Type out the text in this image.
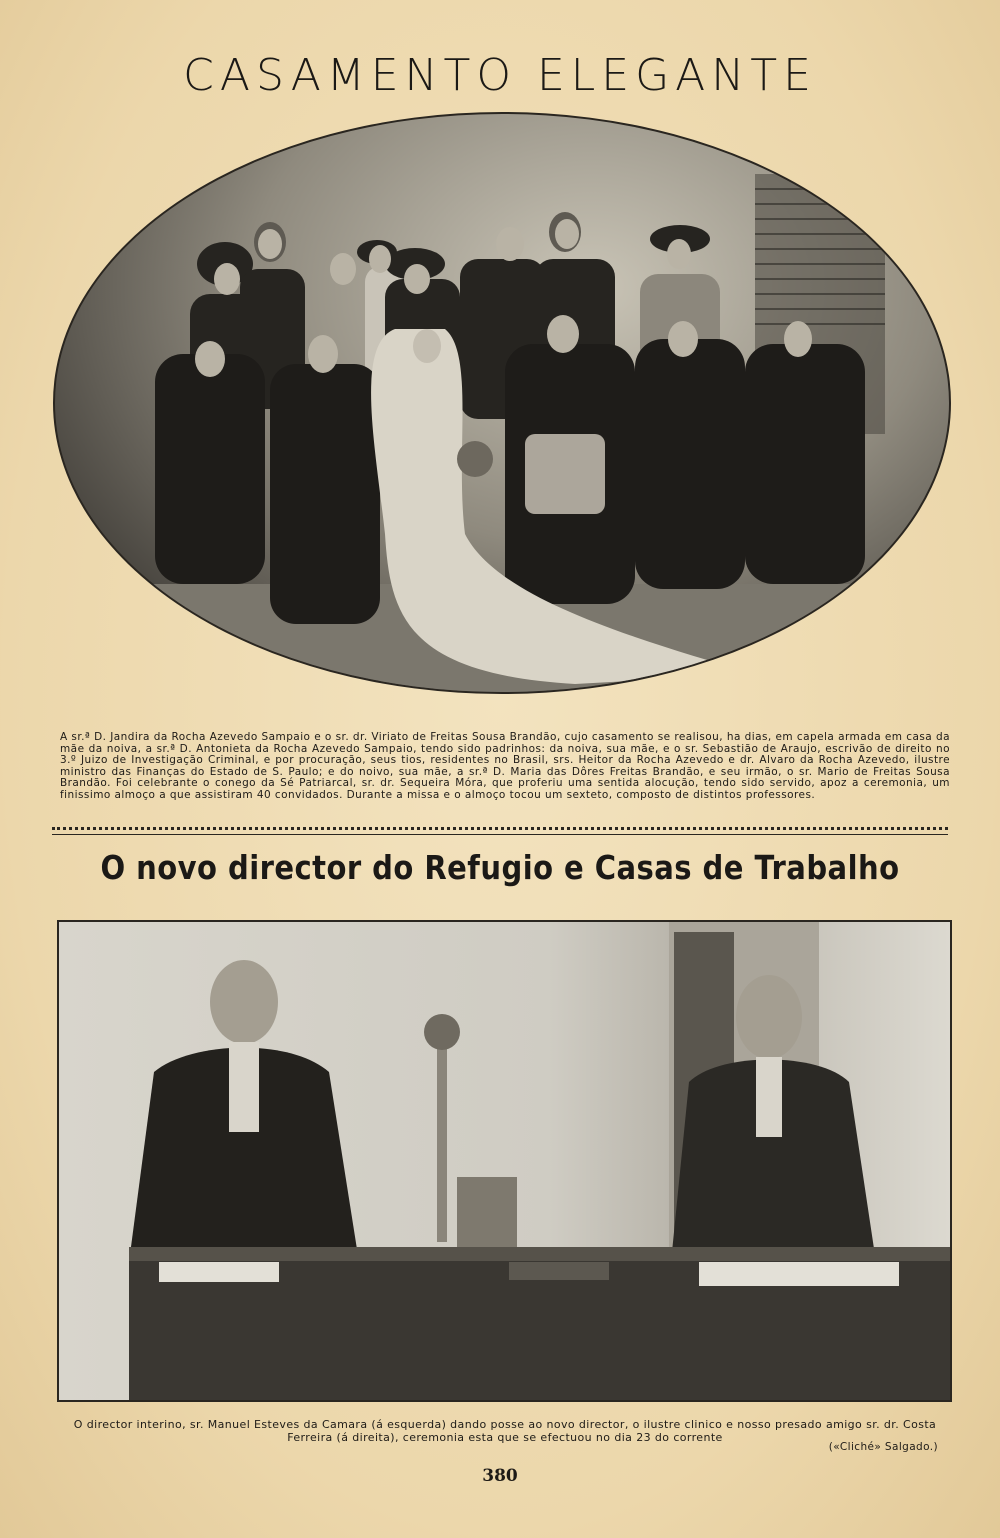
CASAMENTO ELEGANTE
A sr.ª D. Jandira da Rocha Azevedo Sampaio e o sr. dr. Viriato de Freitas Sousa Brandão, cujo casamento se realisou, ha dias, em capela armada em casa da mãe da noiva, a sr.ª D. Antonieta da Rocha Azevedo Sampaio, tendo sido padrinhos: da noiva, sua mãe, e o sr. Sebastião de Araujo, escrivão de direito no 3.º Juizo de Investigação Criminal, e por procuração, seus tios, residentes no Brasil, srs. Heitor da Rocha Azevedo e dr. Alvaro da Rocha Azevedo, ilustre ministro das Finanças do Estado de S. Paulo; e do noivo, sua mãe, a sr.ª D. Maria das Dôres Freitas Brandão, e seu irmão, o sr. Mario de Freitas Sousa Brandão. Foi celebrante o conego da Sé Patriarcal, sr. dr. Sequeira Móra, que proferiu uma sentida alocução, tendo sido servido, apoz a ceremonia, um finissimo almoço a que assistiram 40 convidados. Durante a missa e o almoço tocou um sexteto, composto de distintos professores.
O novo director do Refugio e Casas de Trabalho
O director interino, sr. Manuel Esteves da Camara (á esquerda) dando posse ao novo director, o ilustre clinico e nosso presado amigo sr. dr. Costa Ferreira (á direita), ceremonia esta que se efectuou no dia 23 do corrente
(«Cliché» Salgado.)
380
